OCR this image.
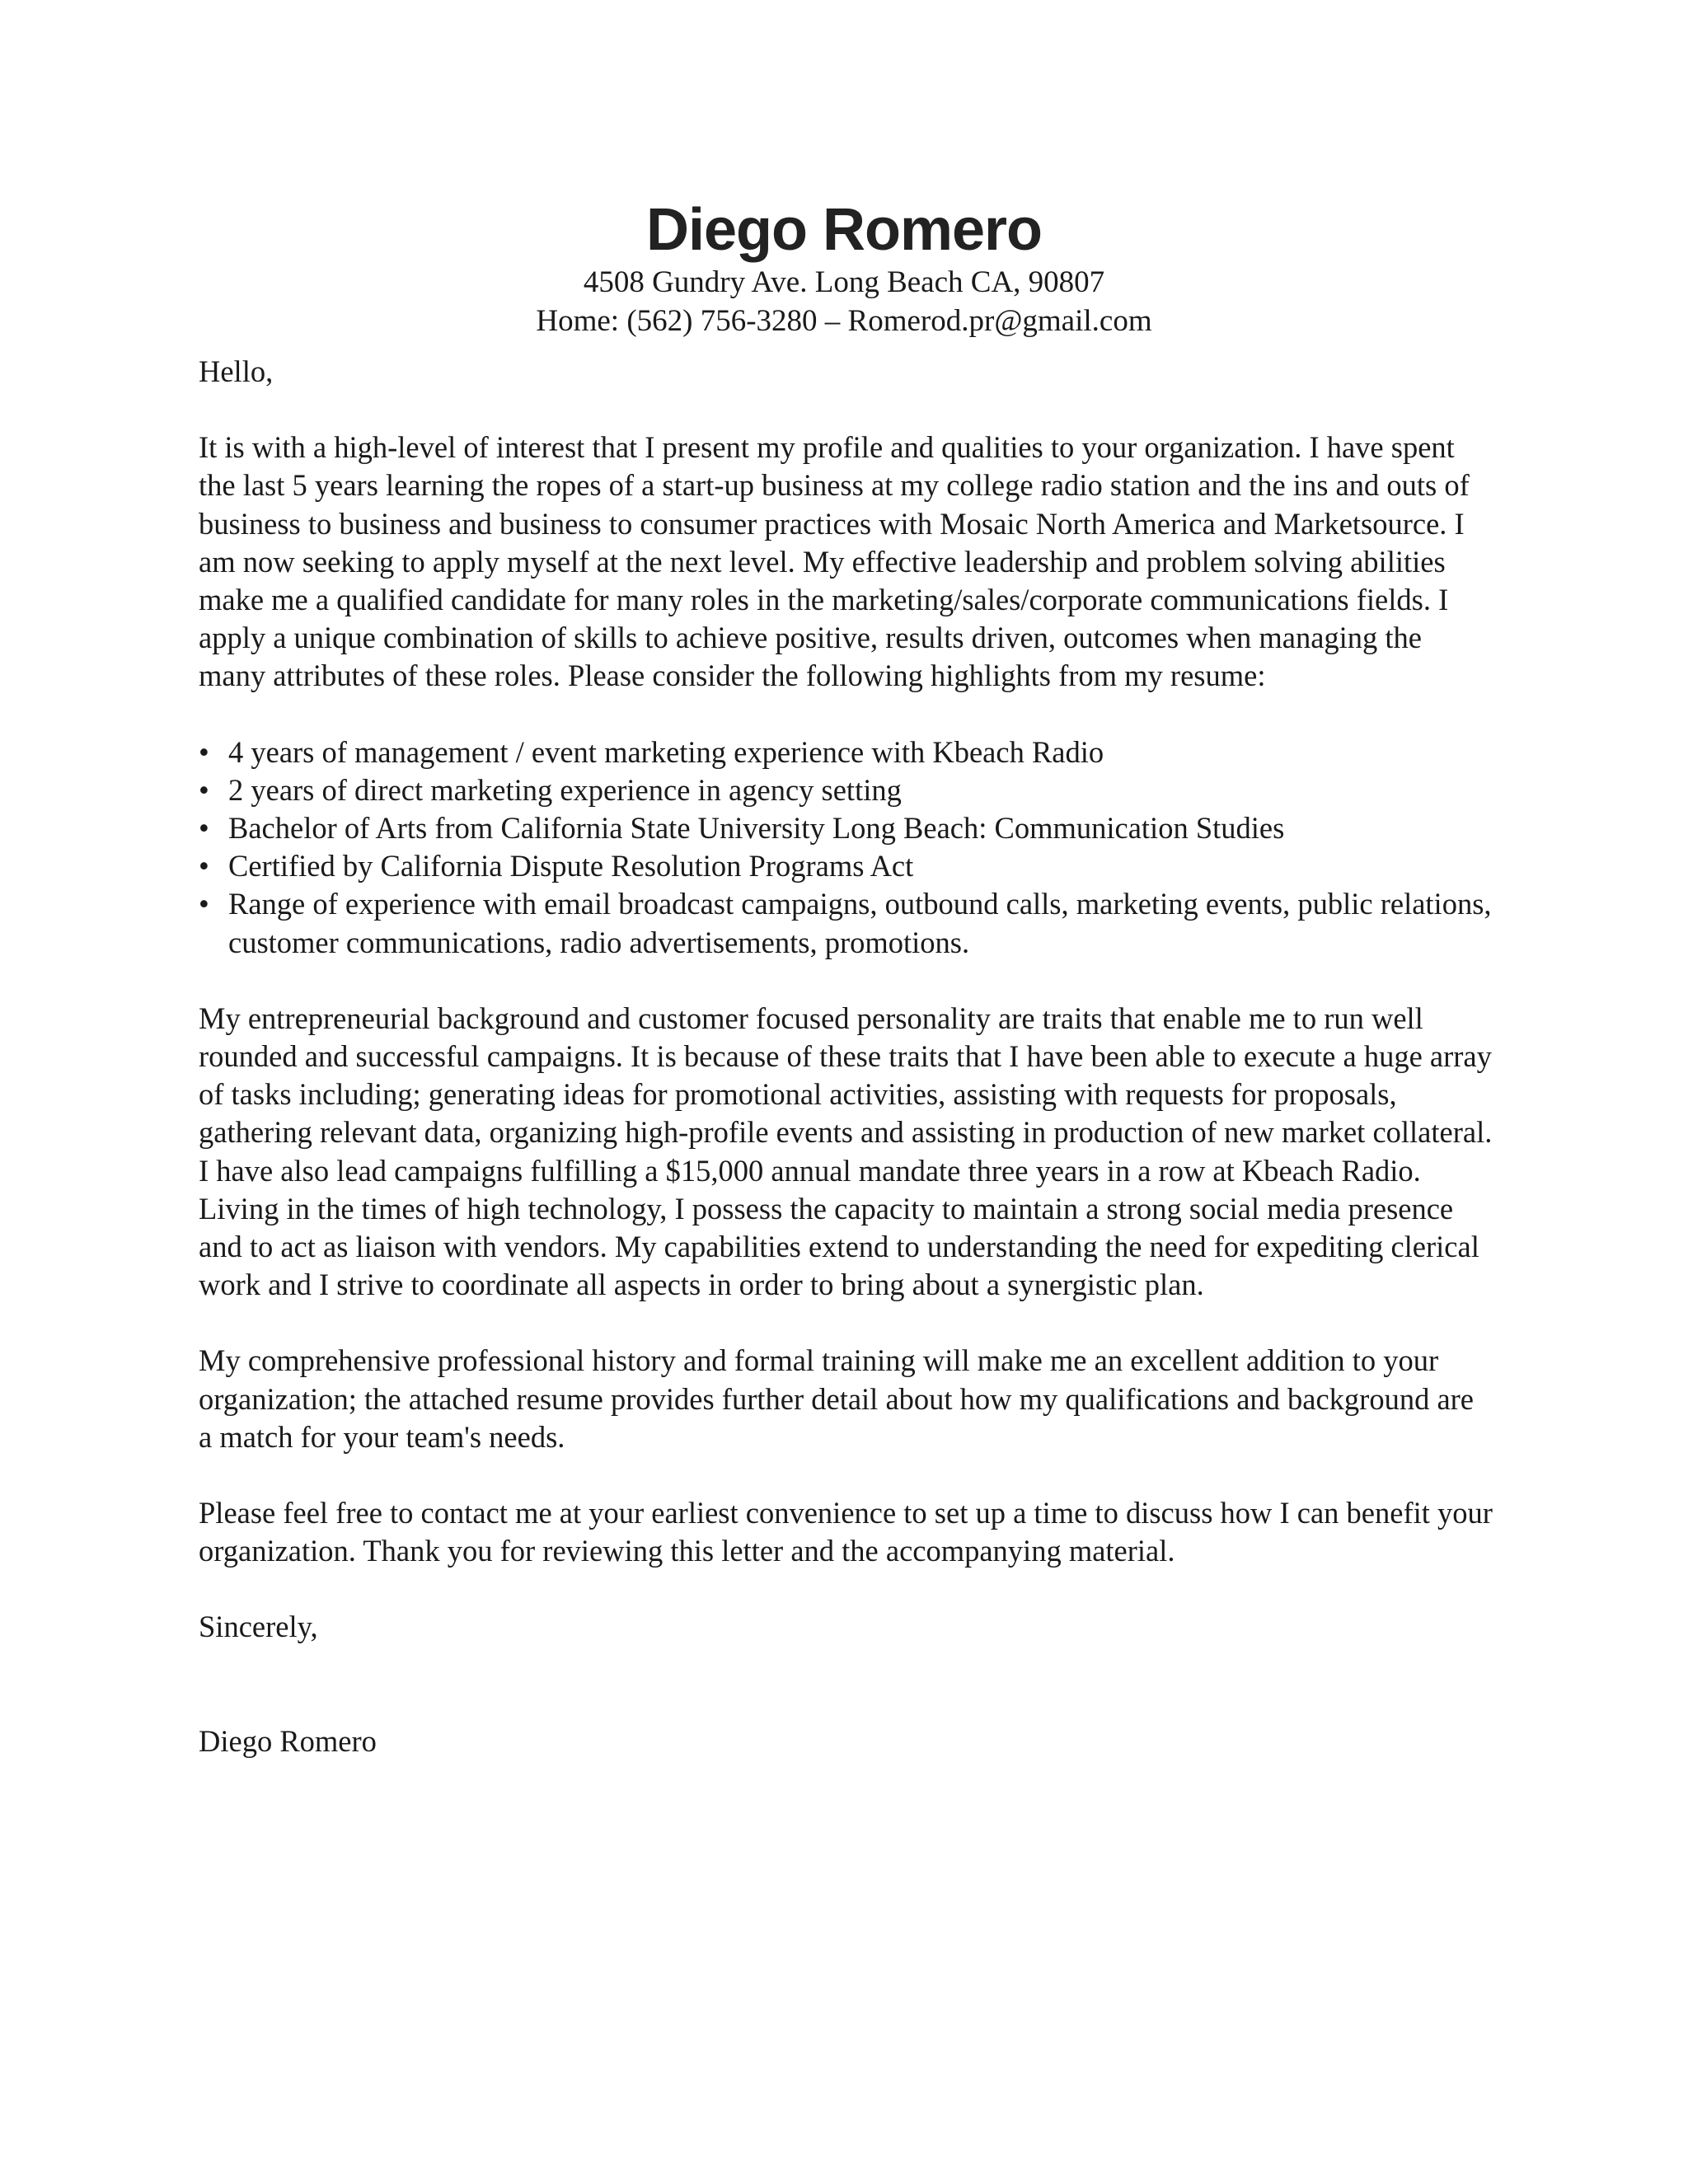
Diego Romero
4508 Gundry Ave. Long Beach CA, 90807
Home: (562) 756-3280 – Romerod.pr@gmail.com

Hello,

It is with a high-level of interest that I present my profile and qualities to your organization. I have spent the last 5 years learning the ropes of a start-up business at my college radio station and the ins and outs of business to business and business to consumer practices with Mosaic North America and Marketsource. I am now seeking to apply myself at the next level. My effective leadership and problem solving abilities make me a qualified candidate for many roles in the marketing/sales/corporate communications fields. I apply a unique combination of skills to achieve positive, results driven, outcomes when managing the many attributes of these roles. Please consider the following highlights from my resume:

• 4 years of management / event marketing experience with Kbeach Radio
• 2 years of direct marketing experience in agency setting
• Bachelor of Arts from California State University Long Beach: Communication Studies
• Certified by California Dispute Resolution Programs Act
• Range of experience with email broadcast campaigns, outbound calls, marketing events, public relations, customer communications, radio advertisements, promotions.

My entrepreneurial background and customer focused personality are traits that enable me to run well rounded and successful campaigns. It is because of these traits that I have been able to execute a huge array of tasks including; generating ideas for promotional activities, assisting with requests for proposals, gathering relevant data, organizing high-profile events and assisting in production of new market collateral. I have also lead campaigns fulfilling a $15,000 annual mandate three years in a row at Kbeach Radio. Living in the times of high technology, I possess the capacity to maintain a strong social media presence and to act as liaison with vendors. My capabilities extend to understanding the need for expediting clerical work and I strive to coordinate all aspects in order to bring about a synergistic plan.

My comprehensive professional history and formal training will make me an excellent addition to your organization; the attached resume provides further detail about how my qualifications and background are a match for your team's needs.

Please feel free to contact me at your earliest convenience to set up a time to discuss how I can benefit your organization. Thank you for reviewing this letter and the accompanying material.

Sincerely,

Diego Romero
